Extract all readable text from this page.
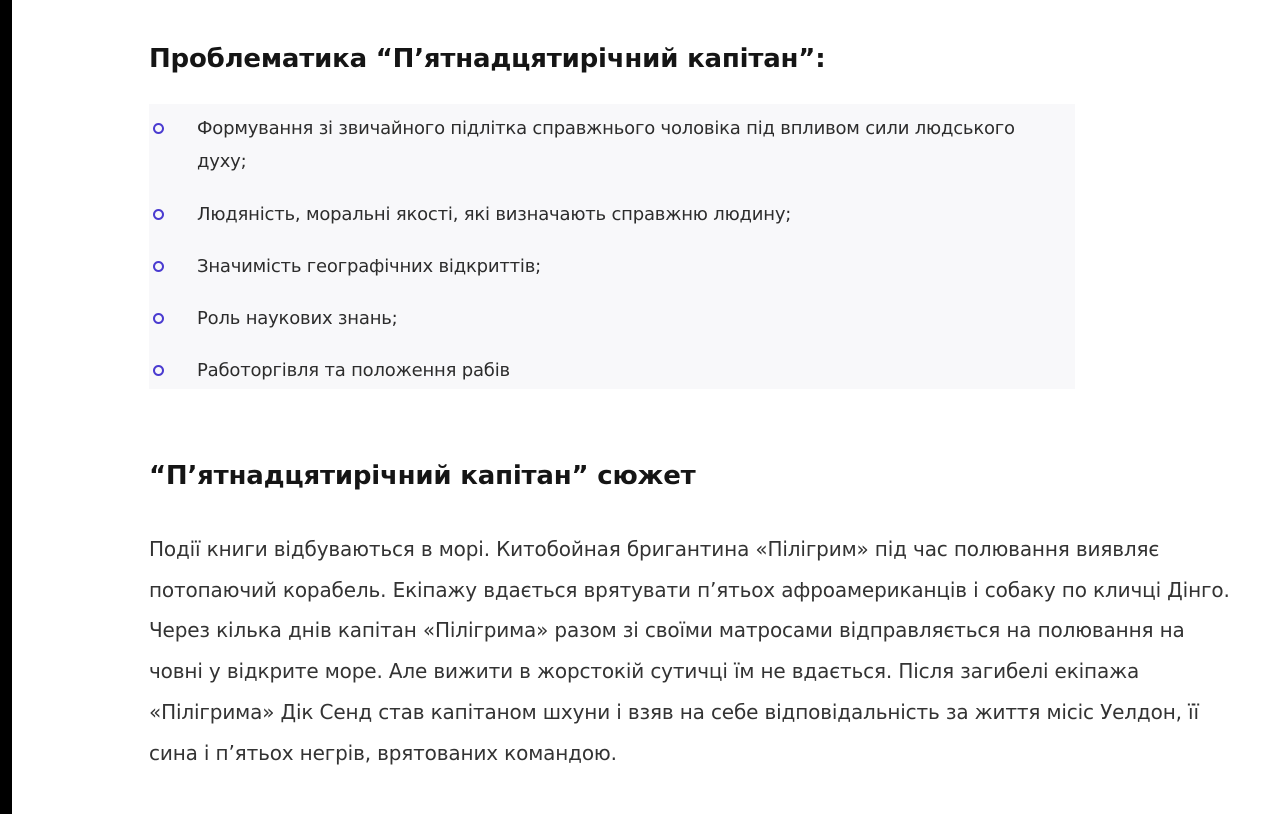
Проблематика “П’ятнадцятирічний капітан”:
Формування зі звичайного підлітка справжнього чоловіка під впливом сили людського духу;
Людяність, моральні якості, які визначають справжню людину;
Значимість географічних відкриттів;
Роль наукових знань;
Работоргівля та положення рабів
“П’ятнадцятирічний капітан” сюжет

Події книги відбуваються в морі. Китобойная бригантина «Пілігрим» під час полювання виявляє потопаючий корабель. Екіпажу вдається врятувати п’ятьох афроамериканців і собаку по кличці Дінго. Через кілька днів капітан «Пілігрима» разом зі своїми матросами відправляється на полювання на човні у відкрите море. Але вижити в жорстокій сутичці їм не вдається. Після загибелі екіпажа «Пілігрима» Дік Сенд став капітаном шхуни і взяв на себе відповідальність за життя місіс Уелдон, її сина і п’ятьох негрів, врятованих командою.
